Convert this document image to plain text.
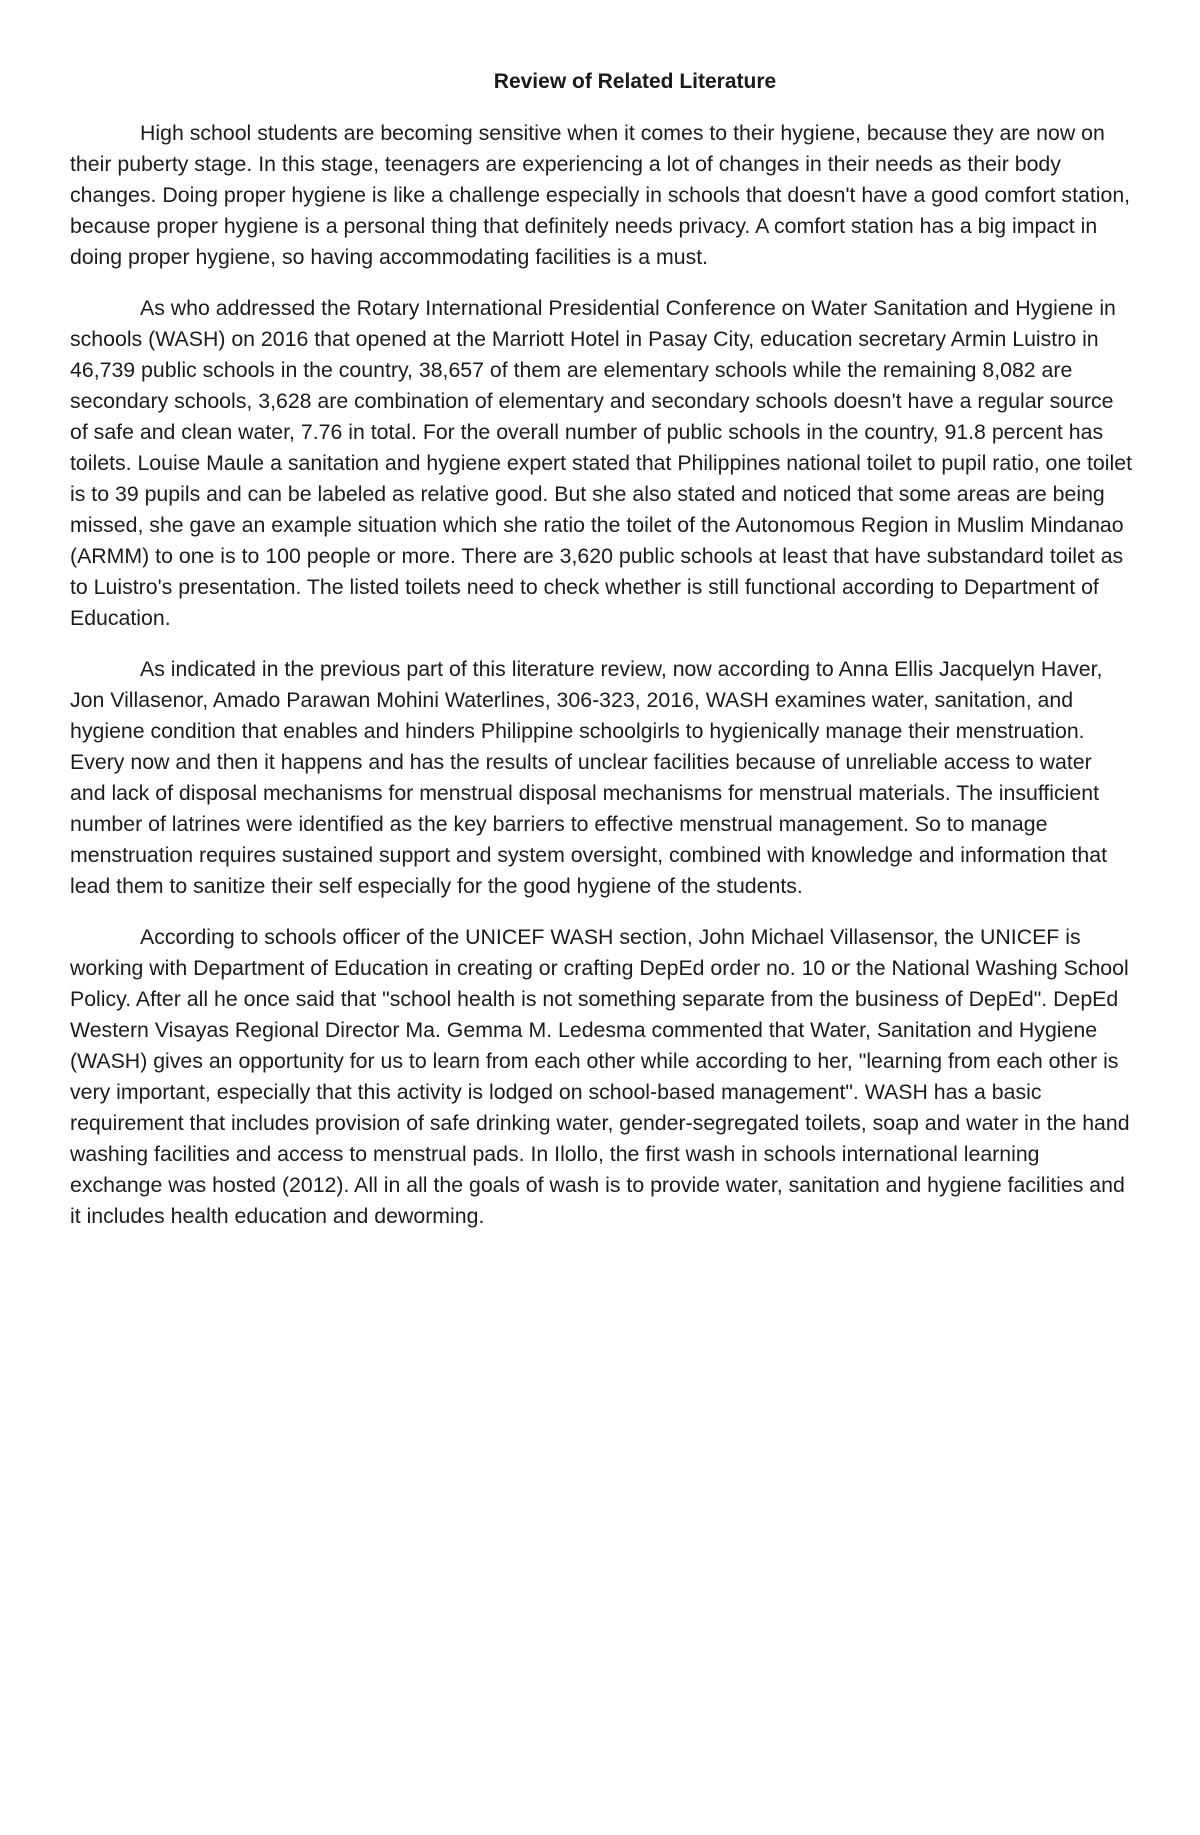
Review of Related Literature

High school students are becoming sensitive when it comes to their hygiene, because they are now on their puberty stage. In this stage, teenagers are experiencing a lot of changes in their needs as their body changes. Doing proper hygiene is like a challenge especially in schools that doesn't have a good comfort station, because proper hygiene is a personal thing that definitely needs privacy. A comfort station has a big impact in doing proper hygiene, so having accommodating facilities is a must.

As who addressed the Rotary International Presidential Conference on Water Sanitation and Hygiene in schools (WASH) on 2016 that opened at the Marriott Hotel in Pasay City, education secretary Armin Luistro in 46,739 public schools in the country, 38,657 of them are elementary schools while the remaining 8,082 are secondary schools, 3,628 are combination of elementary and secondary schools doesn't have a regular source of safe and clean water, 7.76 in total. For the overall number of public schools in the country, 91.8 percent has toilets. Louise Maule a sanitation and hygiene expert stated that Philippines national toilet to pupil ratio, one toilet is to 39 pupils and can be labeled as relative good. But she also stated and noticed that some areas are being missed, she gave an example situation which she ratio the toilet of the Autonomous Region in Muslim Mindanao (ARMM) to one is to 100 people or more. There are 3,620 public schools at least that have substandard toilet as to Luistro's presentation. The listed toilets need to check whether is still functional according to Department of Education.

As indicated in the previous part of this literature review, now according to Anna Ellis Jacquelyn Haver, Jon Villasenor, Amado Parawan Mohini Waterlines, 306-323, 2016, WASH examines water, sanitation, and hygiene condition that enables and hinders Philippine schoolgirls to hygienically manage their menstruation. Every now and then it happens and has the results of unclear facilities because of unreliable access to water and lack of disposal mechanisms for menstrual disposal mechanisms for menstrual materials. The insufficient number of latrines were identified as the key barriers to effective menstrual management. So to manage menstruation requires sustained support and system oversight, combined with knowledge and information that lead them to sanitize their self especially for the good hygiene of the students.

According to schools officer of the UNICEF WASH section, John Michael Villasensor, the UNICEF is working with Department of Education in creating or crafting DepEd order no. 10 or the National Washing School Policy. After all he once said that "school health is not something separate from the business of DepEd". DepEd Western Visayas Regional Director Ma. Gemma M. Ledesma commented that Water, Sanitation and Hygiene (WASH) gives an opportunity for us to learn from each other while according to her, "learning from each other is very important, especially that this activity is lodged on school-based management". WASH has a basic requirement that includes provision of safe drinking water, gender-segregated toilets, soap and water in the hand washing facilities and access to menstrual pads. In Ilollo, the first wash in schools international learning exchange was hosted (2012). All in all the goals of wash is to provide water, sanitation and hygiene facilities and it includes health education and deworming.
